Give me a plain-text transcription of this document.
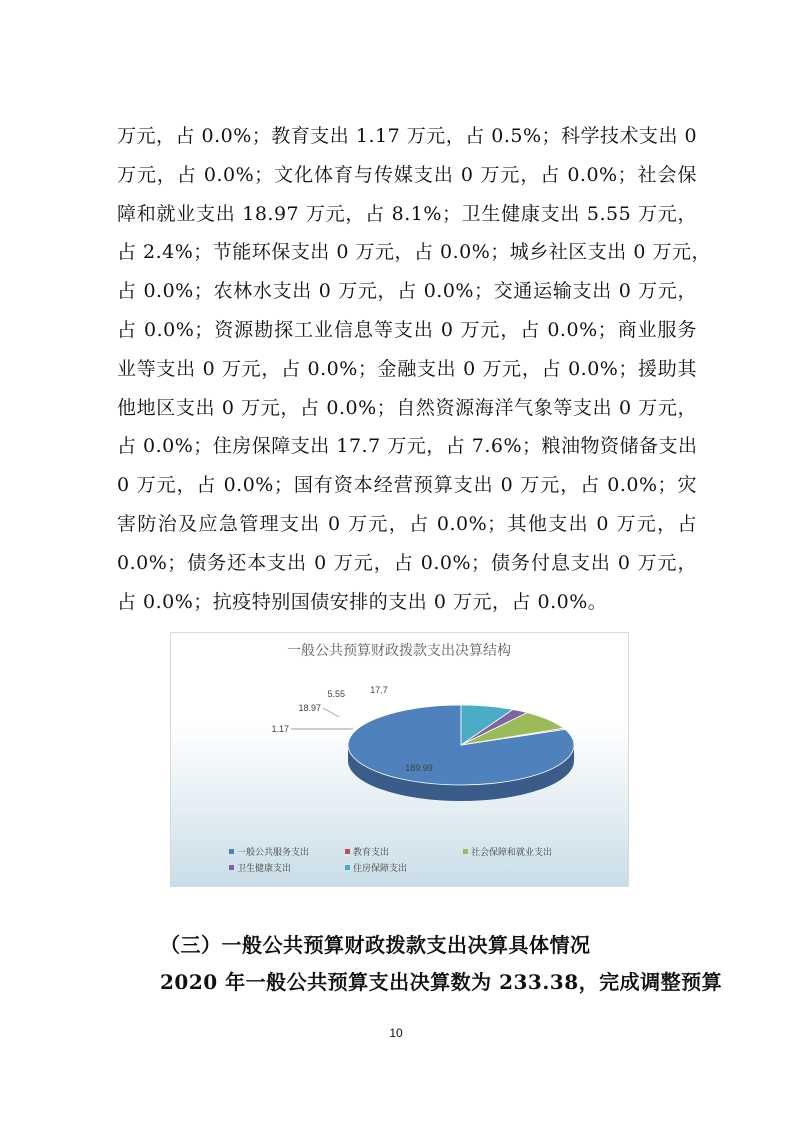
万元，占 0.0%；教育支出 1.17 万元，占 0.5%；科学技术支出 0
万元，占 0.0%；文化体育与传媒支出 0 万元，占 0.0%；社会保
障和就业支出 18.97 万元，占 8.1%；卫生健康支出 5.55 万元，
占 2.4%；节能环保支出 0 万元，占 0.0%；城乡社区支出 0 万元，
占 0.0%；农林水支出 0 万元，占 0.0%；交通运输支出 0 万元，
占 0.0%；资源勘探工业信息等支出 0 万元，占 0.0%；商业服务
业等支出 0 万元，占 0.0%；金融支出 0 万元，占 0.0%；援助其
他地区支出 0 万元，占 0.0%；自然资源海洋气象等支出 0 万元，
占 0.0%；住房保障支出 17.7 万元，占 7.6%；粮油物资储备支出
0 万元，占 0.0%；国有资本经营预算支出 0 万元，占 0.0%；灾
害防治及应急管理支出 0 万元，占 0.0%；其他支出 0 万元，占
0.0%；债务还本支出 0 万元，占 0.0%；债务付息支出 0 万元，
占 0.0%；抗疫特别国债安排的支出 0 万元，占 0.0%。
一般公共预算财政拨款支出决算结构
189.99
1.17
18.97
5.55	17.7
一般公共服务支出	教育支出	社会保障和就业支出
卫生健康支出	住房保障支出
（三）一般公共预算财政拨款支出决算具体情况
2020 年一般公共预算支出决算数为 233.38，完成调整预算
10
